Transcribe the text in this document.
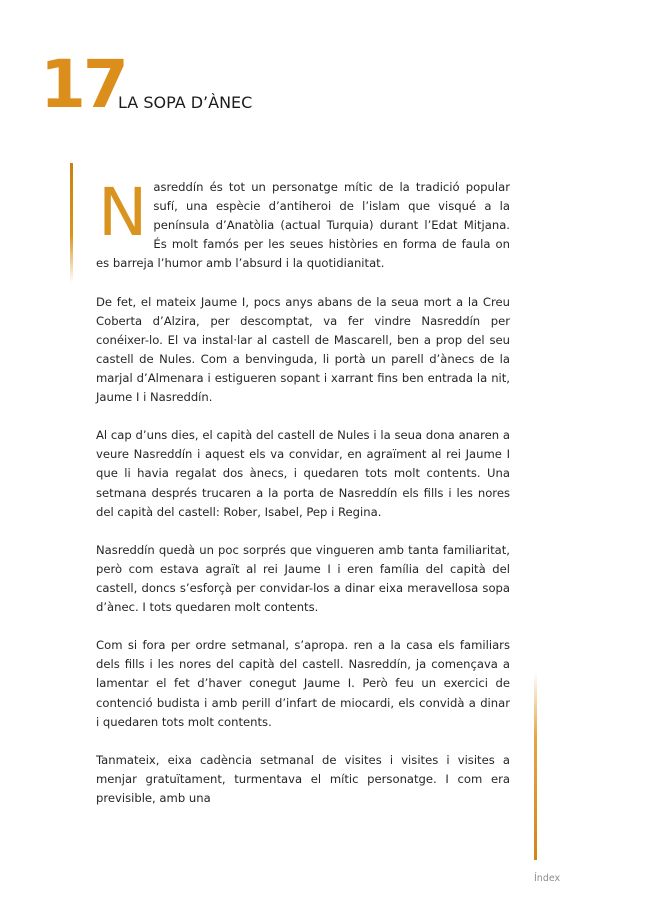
17
LA SOPA D’ÀNEC

Nasreddín és tot un personatge mític de la tradició popular sufí, una espècie d’antiheroi de l’islam que visqué a la península d’Anatòlia (actual Turquia) durant l’Edat Mitjana. És molt famós per les seues històries en forma de faula on es barreja l’humor amb l’absurd i la quotidianitat.

De fet, el mateix Jaume I, pocs anys abans de la seua mort a la Creu Coberta d’Alzira, per descomptat, va fer vindre Nasreddín per conéixer-lo. El va instal·lar al castell de Mascarell, ben a prop del seu castell de Nules. Com a benvinguda, li portà un parell d’ànecs de la marjal d’Almenara i estigueren sopant i xarrant fins ben entrada la nit, Jaume I i Nasreddín.

Al cap d’uns dies, el capità del castell de Nules i la seua dona anaren a veure Nasreddín i aquest els va convidar, en agraïment al rei Jaume I que li havia regalat dos ànecs, i quedaren tots molt contents. Una setmana després trucaren a la porta de Nasreddín els fills i les nores del capità del castell: Rober, Isabel, Pep i Regina.

Nasreddín quedà un poc sorprés que vingueren amb tanta familiaritat, però com estava agraït al rei Jaume I i eren família del capità del castell, doncs s’esforçà per convidar-los a dinar eixa meravellosa sopa d’ànec. I tots quedaren molt contents.

Com si fora per ordre setmanal, s’apropa. ren a la casa els familiars dels fills i les nores del capità del castell. Nasreddín, ja començava a lamentar el fet d’haver conegut Jaume I. Però feu un exercici de contenció budista i amb perill d’infart de miocardi, els convidà a dinar i quedaren tots molt contents.

Tanmateix, eixa cadència setmanal de visites i visites i visites a menjar gratuïtament, turmentava el mític personatge. I com era previsible, amb una

Índex
